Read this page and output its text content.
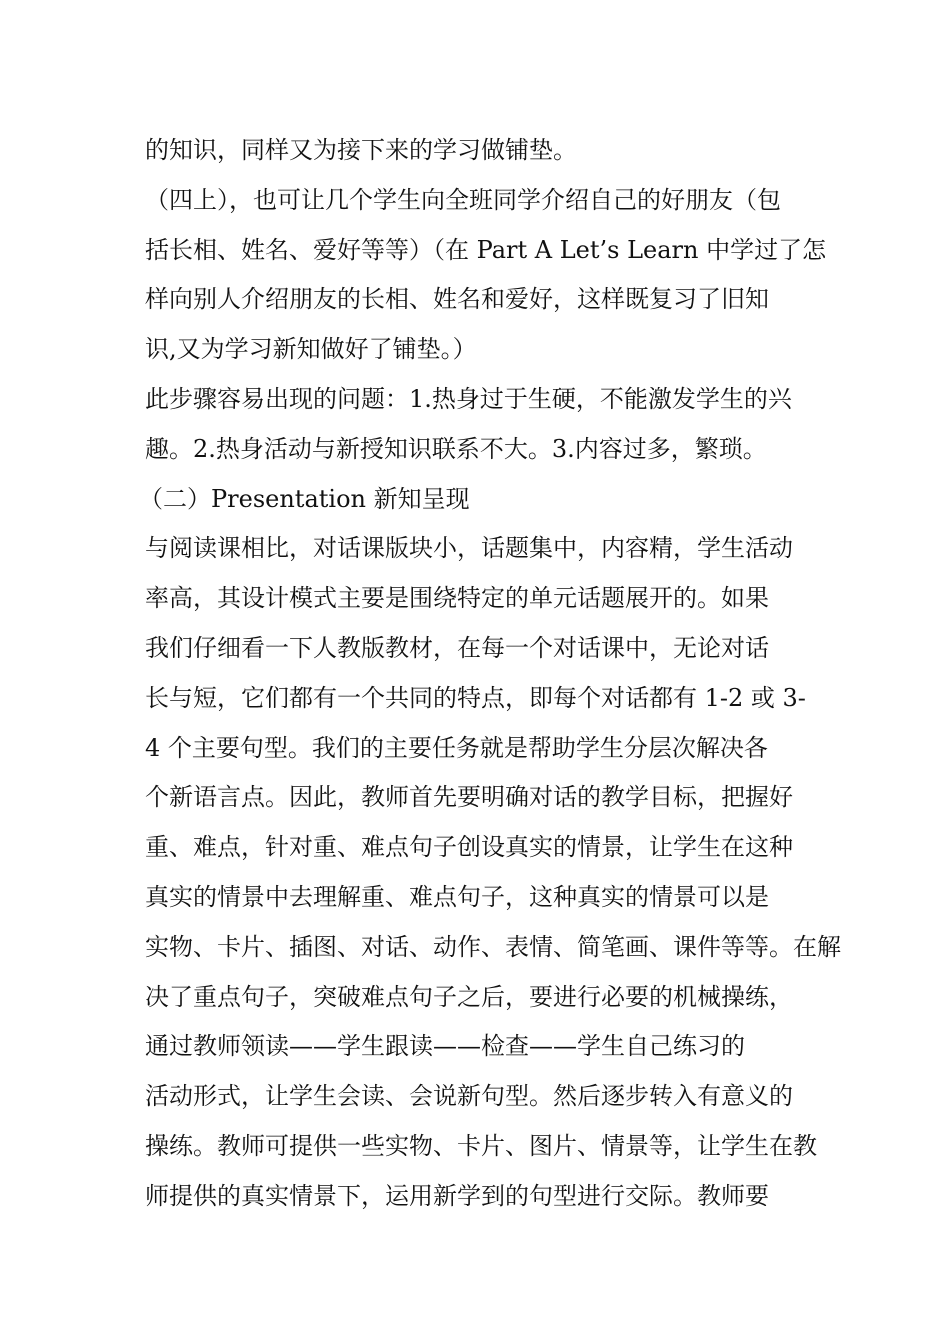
的知识，同样又为接下来的学习做铺垫。
（四上），也可让几个学生向全班同学介绍自己的好朋友（包
括长相、姓名、爱好等等）（在 Part A Let’s Learn 中学过了怎
样向别人介绍朋友的长相、姓名和爱好，这样既复习了旧知
识,又为学习新知做好了铺垫。）
此步骤容易出现的问题：1.热身过于生硬，不能激发学生的兴
趣。2.热身活动与新授知识联系不大。3.内容过多，繁琐。
（二）Presentation 新知呈现
与阅读课相比，对话课版块小，话题集中，内容精，学生活动
率高，其设计模式主要是围绕特定的单元话题展开的。如果
我们仔细看一下人教版教材，在每一个对话课中，无论对话
长与短，它们都有一个共同的特点，即每个对话都有 1-2 或 3-
4 个主要句型。我们的主要任务就是帮助学生分层次解决各
个新语言点。因此，教师首先要明确对话的教学目标，把握好
重、难点，针对重、难点句子创设真实的情景，让学生在这种
真实的情景中去理解重、难点句子，这种真实的情景可以是
实物、卡片、插图、对话、动作、表情、简笔画、课件等等。在解
决了重点句子，突破难点句子之后，要进行必要的机械操练，
通过教师领读——学生跟读——检查——学生自己练习的
活动形式，让学生会读、会说新句型。然后逐步转入有意义的
操练。教师可提供一些实物、卡片、图片、情景等，让学生在教
师提供的真实情景下，运用新学到的句型进行交际。教师要
